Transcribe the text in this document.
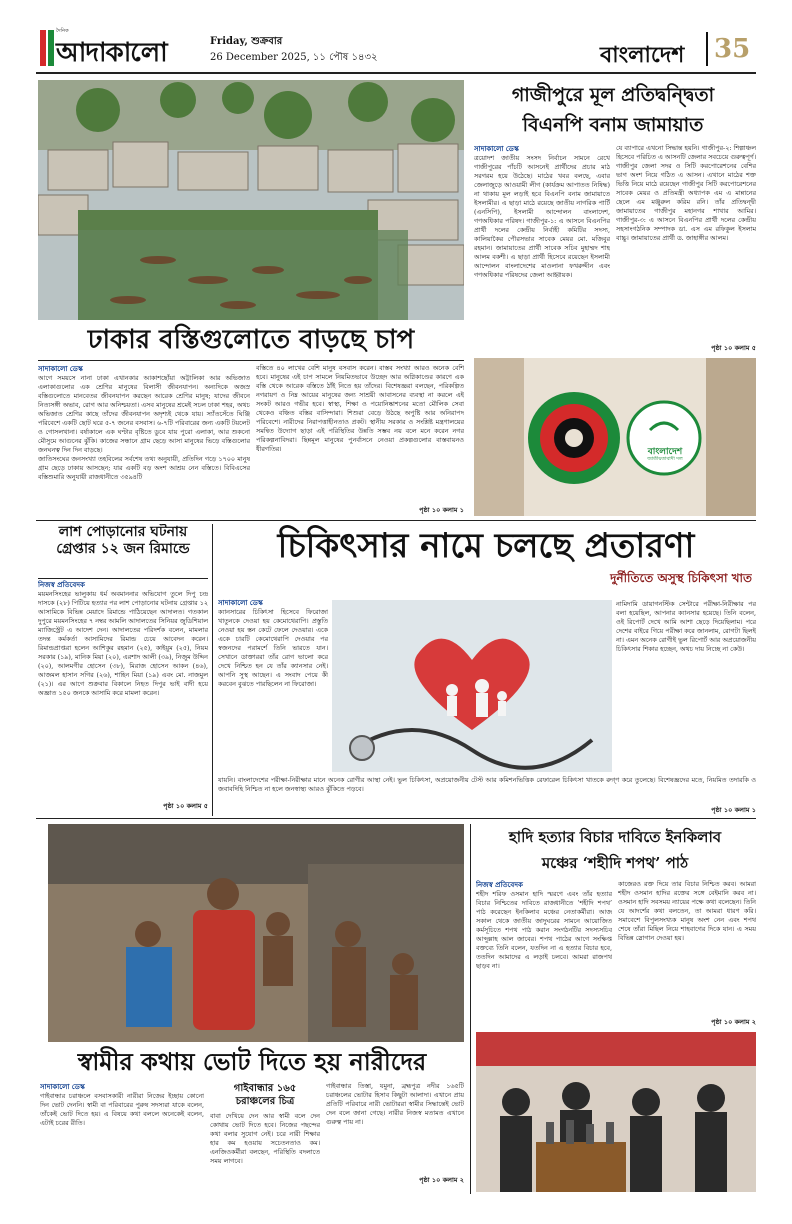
দৈনিক
আদাকালো	Friday, শুক্রবার
26 December 2025, ১১ পৌষ ১৪৩২	বাংলাদেশ	35
ঢাকার বস্তিগুলোতে বাড়ছে চাপ
সাদাকালো ডেস্ক
আগে সময়সে নানা ঢাকা এখানকার আকাশছোঁয়া অট্টালিকা আর অভিজাত এলাকাগুলোর এক শ্রেণির মানুষের বিলাসী জীবনযাপন। অন্যদিকে অজস্র বস্তিগুলোতে মানবেতর জীবনযাপন করছেন আরেক শ্রেণির মানুষ; যাদের জীবনে নিত্যসঙ্গী অভাব, রোগ আর অনিশ্চয়তা। এসব মানুষের শ্রমেই সচল ঢাকা শহর, অথচ অভিজাত শ্রেণির কাছে তাঁদের জীবনযাপন অদৃশ্যই থেকে যায়। স্যাঁতসেঁতে ঘিঞ্জি পরিবেশে একটি ছোট ঘরে ৫-৭ জনের বসবাস। ৬-৭টি পরিবারের জন্য একটি টয়লেট ও গোসলখানা। বর্ষাকালে এক ঘণ্টার বৃষ্টিতে ডুবে যায় পুরো এলাকা, আর শুকনো মৌসুমে আগুনের ঝুঁকি। কাজের সন্ধানে গ্রাম ছেড়ে আসা মানুষের ভিড়ে বস্তিগুলোর জনঘনত্ব দিন দিন বাড়ছে।
জাতিসংঘের জনসংখ্যা তহবিলের সর্বশেষ তথ্য অনুযায়ী, প্রতিদিন গড়ে ১৭০০ মানুষ গ্রাম ছেড়ে ঢাকায় আসছেন; যার একটি বড় অংশ আশ্রয় নেন বস্তিতে। বিবিএসের বস্তিশুমারি অনুযায়ী রাজধানীতে ৩৫৯৪টি
বস্তিতে ৪০ লাখের বেশি মানুষ বসবাস করেন। বাস্তব সংখ্যা আরও অনেক বেশি হবে। মানুষের এই চাপ সামলে নিয়মিতভাবে উচ্ছেদ আর অগ্নিকাণ্ডের কারণে এক বস্তি থেকে আরেক বস্তিতে ঠাঁই নিতে হয় তাঁদের। বিশেষজ্ঞরা বলছেন, পরিকল্পিত নগরায়ণ ও নিম্ন আয়ের মানুষের জন্য সাশ্রয়ী আবাসনের ব্যবস্থা না করলে এই সংকট আরও গভীর হবে। স্বাস্থ্য, শিক্ষা ও পয়োনিষ্কাশনের মতো মৌলিক সেবা থেকেও বঞ্চিত বস্তির বাসিন্দারা। শিশুরা বেড়ে উঠছে অপুষ্টি আর অনিরাপদ পরিবেশে। নারীদের নিরাপত্তাহীনতাও প্রকট। স্থানীয় সরকার ও সংশ্লিষ্ট মন্ত্রণালয়ের সমন্বিত উদ্যোগ ছাড়া এই পরিস্থিতির উন্নতি সম্ভব নয় বলে মনে করেন নগর পরিকল্পনাবিদরা। ছিন্নমূল মানুষের পুনর্বাসনে নেওয়া প্রকল্পগুলোর বাস্তবায়নও ধীরগতির।
পৃষ্ঠা ১০ কলাম ১
গাজীপুরে মূল প্রতিদ্বন্দ্বিতা
বিএনপি বনাম জামায়াত
সাদাকালো ডেস্ক
ত্রয়োদশ জাতীয় সংসদ নির্বাচন সামনে রেখে গাজীপুরের পাঁচটি আসনেই প্রার্থীদের প্রচার মাঠ সরগরম হয়ে উঠেছে। মাঠের খবর বলছে, এবার জেলাজুড়ে আওয়ামী লীগ (কার্যক্রম আপাতত নিষিদ্ধ) না থাকায় মূল লড়াই হবে বিএনপি বনাম জামায়াতে ইসলামীর। এ ছাড়া মাঠে রয়েছে জাতীয় নাগরিক পার্টি (এনসিপি), ইসলামী আন্দোলন বাংলাদেশ, গণঅধিকার পরিষদ। গাজীপুর-১: এ আসনে বিএনপির প্রার্থী দলের কেন্দ্রীয় নির্বাহী কমিটির সদস্য, কালিয়াকৈর পৌরসভার সাবেক মেয়র মো. মজিবুর রহমান। জামায়াতের প্রার্থী সাবেক সচিব মুহাম্মদ শাহ আলম বকশী। এ ছাড়া প্রার্থী হিসেবে রয়েছেন ইসলামী আন্দোলন বাংলাদেশের মাওলানা ফখরুদ্দীন এবং গণঅধিকার পরিষদের জেলা আহ্বায়ক।
যে ব্যাপারে এখনো সিদ্ধান্ত হয়নি। গাজীপুর-২: শিল্পাঞ্চল হিসেবে পরিচিত এ আসনটি জেলার সবচেয়ে গুরুত্বপূর্ণ। গাজীপুর জেলা সদর ও সিটি করপোরেশনের বেশির ভাগ অংশ নিয়ে গঠিত এ আসন। এখানে মাঠের শক্ত ভিত্তি নিয়ে মাঠে রয়েছেন গাজীপুর সিটি করপোরেশনের সাবেক মেয়র ও প্রতিমন্ত্রী অধ্যাপক এম এ মান্নানের ছেলে এম মঞ্জুরুল করিম রনি। তাঁর প্রতিদ্বন্দ্বী জামায়াতের গাজীপুর মহানগর শাখার আমির। গাজীপুর-৩: এ আসনে বিএনপির প্রার্থী দলের কেন্দ্রীয় সহসাংগঠনিক সম্পাদক ডা. এস এম রফিকুল ইসলাম বাচ্চু। জামায়াতের প্রার্থী ড. জাহাঙ্গীর আলম।
পৃষ্ঠা ১০ কলাম ৫
বাংলাদেশ
জাতীয়তাবাদী দল
লাশ পোড়ানোর ঘটনায় গ্রেপ্তার ১২ জন রিমান্ডে
নিজস্ব প্রতিবেদক
ময়মনসিংহের ভালুকায় ধর্ম অবমাননার অভিযোগ তুলে দিপু চন্দ্র দাসকে (২৮) পিটিয়ে হত্যার পর লাশ পোড়ানোর ঘটনায় গ্রেপ্তার ১২ আসামিকে বিভিন্ন মেয়াদে রিমান্ডে পাঠিয়েছেন আদালত। গতকাল দুপুরে ময়মনসিংহের ৭ নম্বর আমলি আদালতের সিনিয়র জুডিশিয়াল ম্যাজিস্ট্রেট এ আদেশ দেন। আদালতের পরিদর্শক বলেন, মামলার তদন্ত কর্মকর্তা আসামিদের রিমান্ড চেয়ে আবেদন করেন। রিমান্ডপ্রাপ্তরা হলেন আশিকুর রহমান (২৫), কাইয়ুম (২৫), নিয়ম সরকার (১৯), মানিক মিয়া (২০), এরশাদ আলী (৩৯), নিজুম উদ্দিন (২০), আলমগীর হোসেন (৩৮), মিরাজ হোসেন আকন (৪৬), আজমল হাসান সগির (২৬), শাহিন মিয়া (১৯) এবং মো. নাজমুল (২১)। এর আগে শুক্রবার বিকালে নিহত দিপুর ভাই বাদী হয়ে অজ্ঞাত ১৫০ জনকে আসামি করে মামলা করেন।
পৃষ্ঠা ১০ কলাম ৫
চিকিৎসার নামে চলছে প্রতারণা
দুর্নীতিতে অসুস্থ চিকিৎসা খাত
সাদাকালো ডেস্ক
ক্যানসারের চিকিৎসা হিসেবে ফিরোজা খাতুনকে দেওয়া হয় কেমোথেরাপি। প্রস্তুতি নেওয়া হয় স্তন কেটে ফেলে দেওয়ার। একে একে চারটি কেমোথেরাপি দেওয়ার পর স্বজনদের পরামর্শে তিনি ভারতে যান। সেখানে ডাক্তাররা তাঁর রোগ ভালো করে দেখে নিশ্চিত হন যে তাঁর ক্যানসার নেই। আপনি সুস্থ আছেন। এ সংবাদ পেয়ে কী করবেন বুঝতে পারছিলেন না ফিরোজা।
নামিদামি ডায়াগনস্টিক সেন্টারে পরীক্ষা-নিরীক্ষার পর বলা হয়েছিল, আপনার ক্যানসার হয়েছে। তিনি বলেন, ওই রিপোর্ট দেখে আমি আশা ছেড়ে দিয়েছিলাম। পরে দেশের বাইরে গিয়ে পরীক্ষা করে জানলাম, রোগটা ছিলই না। এমন অনেক রোগীই ভুল রিপোর্ট আর অপ্রয়োজনীয় চিকিৎসার শিকার হচ্ছেন, অথচ দায় নিচ্ছে না কেউ।
যায়নি। বাংলাদেশের পরীক্ষা-নিরীক্ষার মানে অনেক রোগীর আস্থা নেই। ভুল চিকিৎসা, অপ্রয়োজনীয় টেস্ট আর কমিশনভিত্তিক রেফারেল চিকিৎসা খাতকে রুগ্ণ করে তুলেছে। বিশেষজ্ঞদের মতে, নিয়মিত তদারকি ও জবাবদিহি নিশ্চিত না হলে জনস্বাস্থ্য আরও ঝুঁকিতে পড়বে।
পৃষ্ঠা ১০ কলাম ১
স্বামীর কথায় ভোট দিতে হয় নারীদের
গাইবান্ধার ১৬৫
চরাঞ্চলের চিত্র
সাদাকালো ডেস্ক
গাইবান্ধার চরাঞ্চলে বসবাসকারী নারীরা নিজের ইচ্ছায় কোনো দিন ভোট দেননি। স্বামী বা পরিবারের পুরুষ সদস্যরা যাকে বলেন, তাঁকেই ভোট দিতে হয়। এ বিষয়ে কথা বললে অনেকেই বলেন, এটাই চরের রীতি।
বাবা দেখিয়ে দেন আর স্বামী বলে দেন কোথায় ভোট দিতে হবে। নিজের পছন্দের কথা বলার সুযোগ নেই। চরে নারী শিক্ষার হার কম হওয়ায় সচেতনতাও কম। এনজিওকর্মীরা বলছেন, পরিস্থিতি বদলাতে সময় লাগবে।
গাইবান্ধার তিস্তা, যমুনা, ব্রহ্মপুত্র নদীর ১৬৫টি চরাঞ্চলের ভোটার হিসাব কিছুটা আলাদা। এখানে প্রায় প্রতিটি পরিবারে নারী ভোটাররা স্বামীর সিদ্ধান্তেই ভোট দেন বলে জানা গেছে। নারীর নিজস্ব মতামত এখানে গুরুত্ব পায় না।
পৃষ্ঠা ১০ কলাম ২
হাদি হত্যার বিচার দাবিতে ইনকিলাব
মঞ্চের ‘শহীদি শপথ’ পাঠ
নিজস্ব প্রতিবেদক
শহীদ শরিফ ওসমান হাদি স্মরণে এবং তাঁর হত্যার বিচার নিশ্চিতের দাবিতে রাজধানীতে ‘শহীদি শপথ’ পাঠ করেছেন ইনকিলাব মঞ্চের নেতাকর্মীরা। আজ সকাল থেকে জাতীয় জাদুঘরের সামনে আয়োজিত কর্মসূচিতে শপথ পাঠ করান সংগঠনটির সদস্যসচিব আব্দুল্লাহ আল জাবের। শপথ পাঠের আগে সংক্ষিপ্ত বক্তব্যে তিনি বলেন, যতদিন না এ হত্যার বিচার হবে, ততদিন আমাদের এ লড়াই চলবে। আমরা রাজপথ ছাড়ব না।
কাজেরও রক্ত দিয়ে তার বিচার নিশ্চিত করব। আমরা শহীদ ওসমান হাদির রক্তের সঙ্গে বেইমানি করব না। ওসমান হাদি সবসময় ন্যায়ের পক্ষে কথা বলেছেন। তিনি যে আদর্শের কথা বলতেন, তা আমরা ধারণ করি। সমাবেশে বিপুলসংখ্যক মানুষ অংশ নেন এবং শপথ শেষে তাঁরা মিছিল নিয়ে শাহবাগের দিকে যান। এ সময় বিভিন্ন স্লোগান দেওয়া হয়।
পৃষ্ঠা ১০ কলাম ২
